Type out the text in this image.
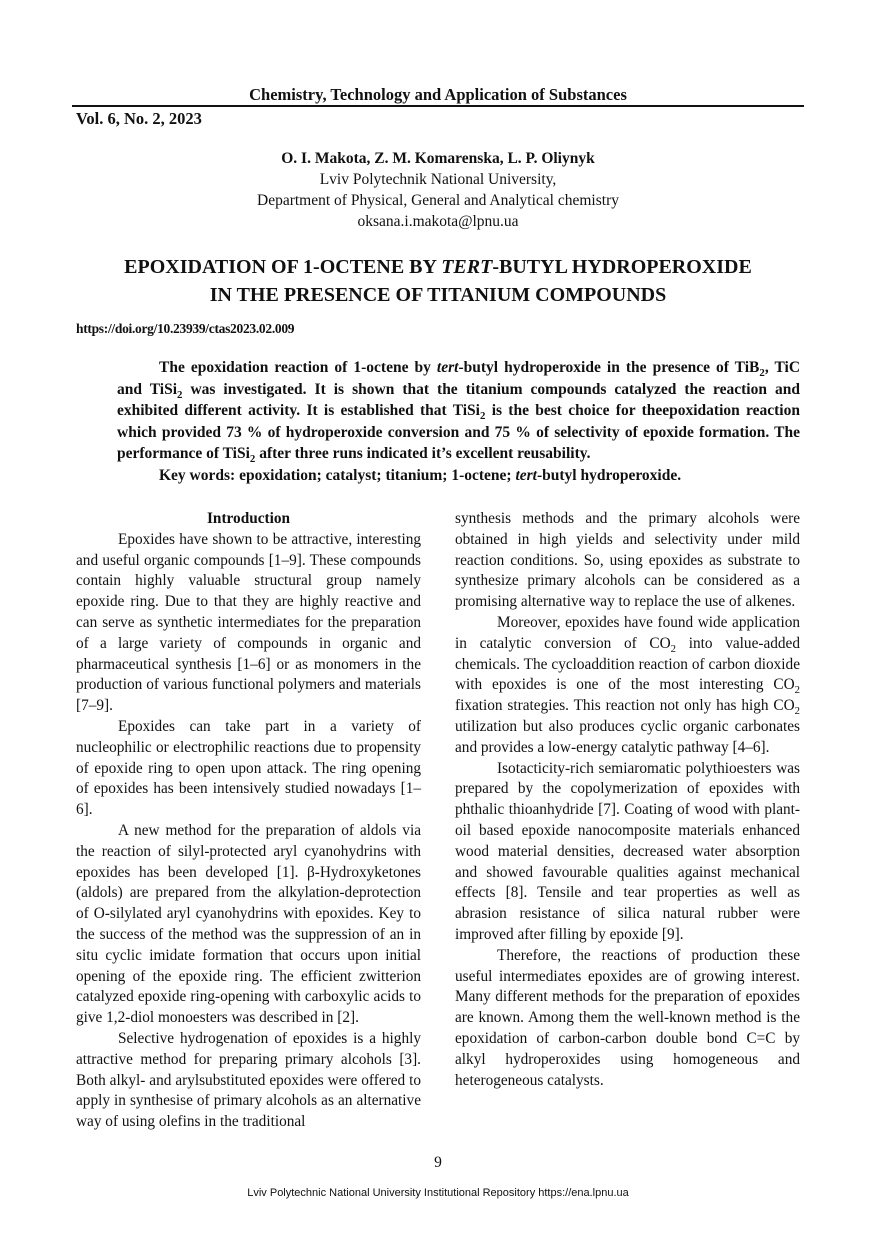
Chemistry, Technology and Application of Substances
Vol. 6, No. 2, 2023
O. I. Makota, Z. M. Komarenska, L. P. Oliynyk
Lviv Polytechnik National University,
Department of Physical, General and Analytical chemistry
oksana.i.makota@lpnu.ua
EPOXIDATION OF 1-OCTENE BY TERT-BUTYL HYDROPEROXIDE
IN THE PRESENCE OF TITANIUM COMPOUNDS
https://doi.org/10.23939/ctas2023.02.009

The epoxidation reaction of 1-octene by tert-butyl hydroperoxide in the presence of TiB$_2$, TiC and TiSi$_2$ was investigated. It is shown that the titanium compounds catalyzed the reaction and exhibited different activity. It is established that TiSi$_2$ is the best choice for theepoxidation reaction which provided 73 % of hydroperoxide conversion and 75 % of selectivity of epoxide formation. The performance of TiSi$_2$ after three runs indicated it’s excellent reusability.

Key words: epoxidation; catalyst; titanium; 1-octene; tert-butyl hydroperoxide.

Introduction

Epoxides have shown to be attractive, interesting and useful organic compounds [1–9]. These compounds contain highly valuable structural group namely epoxide ring. Due to that they are highly reactive and can serve as synthetic intermediates for the preparation of a large variety of compounds in organic and pharmaceutical synthesis [1–6] or as monomers in the production of various functional polymers and materials [7–9].

Epoxides can take part in a variety of nucleophilic or electrophilic reactions due to propensity of epoxide ring to open upon attack. The ring opening of epoxides has been intensively studied nowadays [1–6].

A new method for the preparation of aldols via the reaction of silyl-protected aryl cyanohydrins with epoxides has been developed [1]. β-Hydroxyketones (aldols) are prepared from the alkylation-deprotection of O-silylated aryl cyanohydrins with epoxides. Key to the success of the method was the suppression of an in situ cyclic imidate formation that occurs upon initial opening of the epoxide ring. The efficient zwitterion catalyzed epoxide ring-opening with carboxylic acids to give 1,2-diol monoesters was described in [2].

Selective hydrogenation of epoxides is a highly attractive method for preparing primary alcohols [3]. Both alkyl- and arylsubstituted epoxides were offered to apply in synthesise of primary alcohols as an alternative way of using olefins in the traditional

synthesis methods and the primary alcohols were obtained in high yields and selectivity under mild reaction conditions. So, using epoxides as substrate to synthesize primary alcohols can be considered as a promising alternative way to replace the use of alkenes.

Moreover, epoxides have found wide application in catalytic conversion of $CO_2$ into value-added chemicals. The cycloaddition reaction of carbon dioxide with epoxides is one of the most interesting $CO_2$ fixation strategies. This reaction not only has high $CO_2$ utilization but also produces cyclic organic carbonates and provides a low-energy catalytic pathway [4–6].

Isotacticity-rich semiaromatic polythioesters was prepared by the copolymerization of epoxides with phthalic thioanhydride [7]. Coating of wood with plant-oil based epoxide nanocomposite materials enhanced wood material densities, decreased water absorption and showed favourable qualities against mechanical effects [8]. Tensile and tear properties as well as abrasion resistance of silica natural rubber were improved after filling by epoxide [9].

Therefore, the reactions of production these useful intermediates epoxides are of growing interest. Many different methods for the preparation of epoxides are known. Among them the well-known method is the epoxidation of carbon-carbon double bond C=C by alkyl hydroperoxides using homogeneous and heterogeneous catalysts.

9
Lviv Polytechnic National University Institutional Repository https://ena.lpnu.ua
